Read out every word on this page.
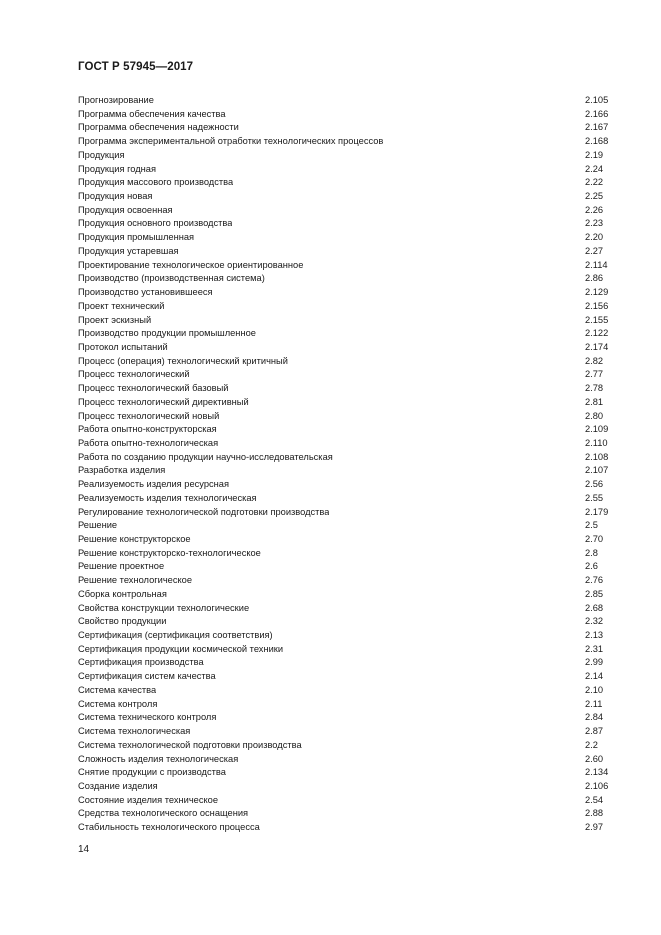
ГОСТ Р 57945—2017
Прогнозирование	2.105
Программа обеспечения качества	2.166
Программа обеспечения надежности	2.167
Программа экспериментальной отработки технологических процессов	2.168
Продукция	2.19
Продукция годная	2.24
Продукция массового производства	2.22
Продукция новая	2.25
Продукция освоенная	2.26
Продукция основного производства	2.23
Продукция промышленная	2.20
Продукция устаревшая	2.27
Проектирование технологическое ориентированное	2.114
Производство (производственная система)	2.86
Производство установившееся	2.129
Проект технический	2.156
Проект эскизный	2.155
Производство продукции промышленное	2.122
Протокол испытаний	2.174
Процесс (операция) технологический критичный	2.82
Процесс технологический	2.77
Процесс технологический базовый	2.78
Процесс технологический директивный	2.81
Процесс технологический новый	2.80
Работа опытно-конструкторская	2.109
Работа опытно-технологическая	2.110
Работа по созданию продукции научно-исследовательская	2.108
Разработка изделия	2.107
Реализуемость изделия ресурсная	2.56
Реализуемость изделия технологическая	2.55
Регулирование технологической подготовки производства	2.179
Решение	2.5
Решение конструкторское	2.70
Решение конструкторско-технологическое	2.8
Решение проектное	2.6
Решение технологическое	2.76
Сборка контрольная	2.85
Свойства конструкции технологические	2.68
Свойство продукции	2.32
Сертификация (сертификация соответствия)	2.13
Сертификация продукции космической техники	2.31
Сертификация производства	2.99
Сертификация систем качества	2.14
Система качества	2.10
Система контроля	2.11
Система технического контроля	2.84
Система технологическая	2.87
Система технологической подготовки производства	2.2
Сложность изделия технологическая	2.60
Снятие продукции с производства	2.134
Создание изделия	2.106
Состояние изделия техническое	2.54
Средства технологического оснащения	2.88
Стабильность технологического процесса	2.97
14
